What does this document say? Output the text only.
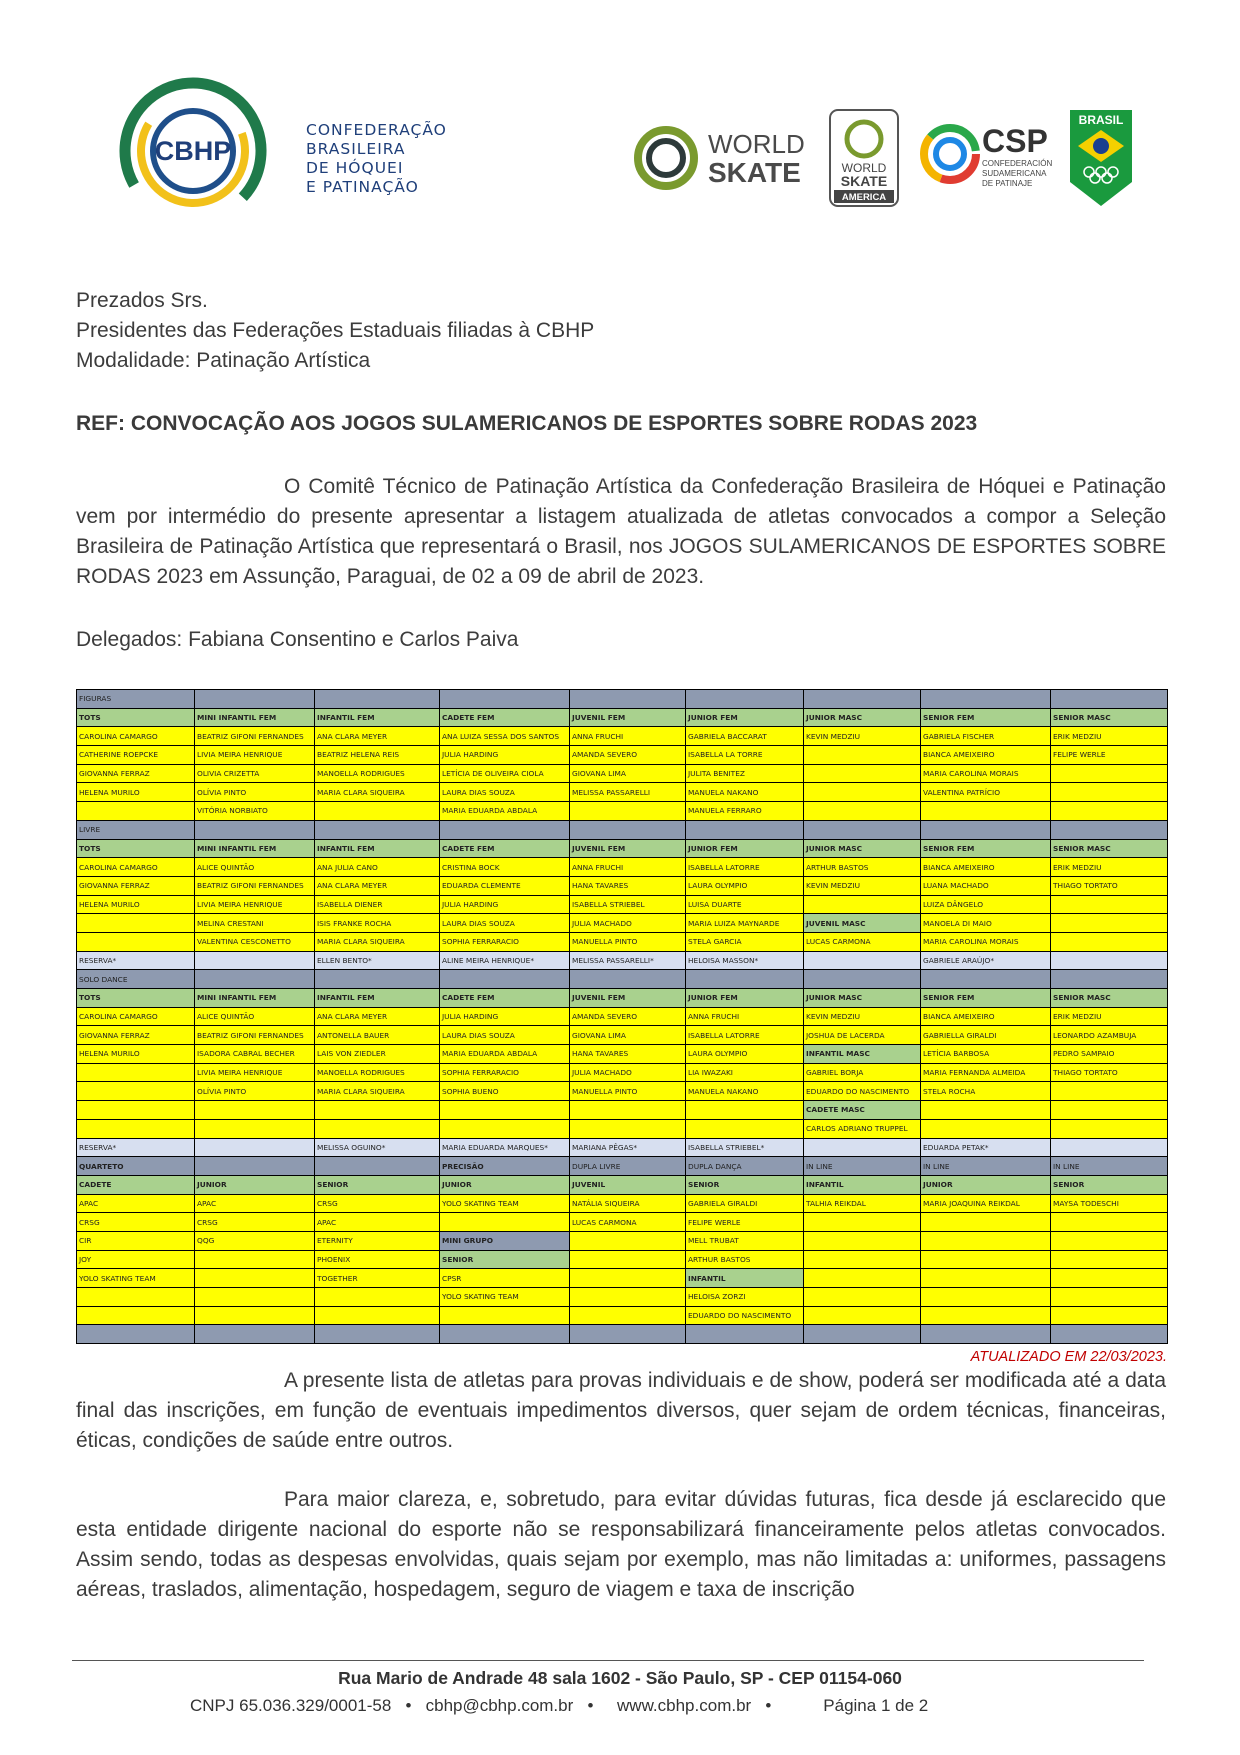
CBHP
CONFEDERAÇÃO
BRASILEIRA
DE HÓQUEI
E PATINAÇÃO
WORLD
SKATE	WORLD
SKATE
AMERICA
CSP
CONFEDERACIÓN
SUDAMERICANA
DE PATINAJE
BRASIL
Prezados Srs.
Presidentes das Federações Estaduais filiadas à CBHP
Modalidade: Patinação Artística
REF: CONVOCAÇÃO AOS JOGOS SULAMERICANOS DE ESPORTES SOBRE RODAS 2023
O Comitê Técnico de Patinação Artística da Confederação Brasileira de Hóquei e Patinação vem por intermédio do presente apresentar a listagem atualizada de atletas convocados a compor a Seleção Brasileira de Patinação Artística que representará o Brasil, nos JOGOS SULAMERICANOS DE ESPORTES SOBRE RODAS 2023 em Assunção, Paraguai, de 02 a 09 de abril de 2023.
Delegados: Fabiana Consentino e Carlos Paiva
FIGURAS								
TOTS	MINI INFANTIL FEM	INFANTIL FEM	CADETE FEM	JUVENIL FEM	JUNIOR FEM	JUNIOR MASC	SENIOR FEM	SENIOR MASC
CAROLINA CAMARGO	BEATRIZ GIFONI FERNANDES	ANA CLARA MEYER	ANA LUIZA SESSA DOS SANTOS	ANNA FRUCHI	GABRIELA BACCARAT	KEVIN MEDZIU	GABRIELA FISCHER	ERIK MEDZIU
CATHERINE ROEPCKE	LIVIA MEIRA HENRIQUE	BEATRIZ HELENA REIS	JULIA HARDING	AMANDA SEVERO	ISABELLA LA TORRE		BIANCA AMEIXEIRO	FELIPE WERLE
GIOVANNA FERRAZ	OLIVIA CRIZETTA	MANOELLA RODRIGUES	LETÍCIA DE OLIVEIRA CIOLA	GIOVANA LIMA	JULITA BENITEZ		MARIA CAROLINA MORAIS	
HELENA MURILO	OLÍVIA PINTO	MARIA CLARA SIQUEIRA	LAURA DIAS SOUZA	MELISSA PASSARELLI	MANUELA NAKANO		VALENTINA PATRÍCIO	
	VITÓRIA NORBIATO		MARIA EDUARDA ABDALA		MANUELA FERRARO			
LIVRE								
TOTS	MINI INFANTIL FEM	INFANTIL FEM	CADETE FEM	JUVENIL FEM	JUNIOR FEM	JUNIOR MASC	SENIOR FEM	SENIOR MASC
CAROLINA CAMARGO	ALICE QUINTÃO	ANA JULIA CANO	CRISTINA BOCK	ANNA FRUCHI	ISABELLA LATORRE	ARTHUR BASTOS	BIANCA AMEIXEIRO	ERIK MEDZIU
GIOVANNA FERRAZ	BEATRIZ GIFONI FERNANDES	ANA CLARA MEYER	EDUARDA CLEMENTE	HANA TAVARES	LAURA OLYMPIO	KEVIN MEDZIU	LUANA MACHADO	THIAGO TORTATO
HELENA MURILO	LIVIA MEIRA HENRIQUE	ISABELLA DIENER	JULIA HARDING	ISABELLA STRIEBEL	LUISA DUARTE		LUIZA DÂNGELO	
	MELINA CRESTANI	ISIS FRANKE ROCHA	LAURA DIAS SOUZA	JULIA MACHADO	MARIA LUIZA MAYNARDE	JUVENIL MASC	MANOELA DI MAIO	
	VALENTINA CESCONETTO	MARIA CLARA SIQUEIRA	SOPHIA FERRARACIO	MANUELLA PINTO	STELA GARCIA	LUCAS CARMONA	MARIA CAROLINA MORAIS	
RESERVA*		ELLEN BENTO*	ALINE MEIRA HENRIQUE*	MELISSA PASSARELLI*	HELOISA MASSON*		GABRIELE ARAÚJO*	
SOLO DANCE								
TOTS	MINI INFANTIL FEM	INFANTIL FEM	CADETE FEM	JUVENIL FEM	JUNIOR FEM	JUNIOR MASC	SENIOR FEM	SENIOR MASC
CAROLINA CAMARGO	ALICE QUINTÃO	ANA CLARA MEYER	JULIA HARDING	AMANDA SEVERO	ANNA FRUCHI	KEVIN MEDZIU	BIANCA AMEIXEIRO	ERIK MEDZIU
GIOVANNA FERRAZ	BEATRIZ GIFONI FERNANDES	ANTONELLA BAUER	LAURA DIAS SOUZA	GIOVANA LIMA	ISABELLA LATORRE	JOSHUA DE LACERDA	GABRIELLA GIRALDI	LEONARDO AZAMBUJA
HELENA MURILO	ISADORA CABRAL BECHER	LAIS VON ZIEDLER	MARIA EDUARDA ABDALA	HANA TAVARES	LAURA OLYMPIO	INFANTIL MASC	LETÍCIA BARBOSA	PEDRO SAMPAIO
	LIVIA MEIRA HENRIQUE	MANOELLA RODRIGUES	SOPHIA FERRARACIO	JULIA MACHADO	LIA IWAZAKI	GABRIEL BORJA	MARIA FERNANDA ALMEIDA	THIAGO TORTATO
	OLÍVIA PINTO	MARIA CLARA SIQUEIRA	SOPHIA BUENO	MANUELLA PINTO	MANUELA NAKANO	EDUARDO DO NASCIMENTO	STELA ROCHA	
						CADETE MASC		
						CARLOS ADRIANO TRUPPEL		
RESERVA*		MELISSA OGUINO*	MARIA EDUARDA MARQUES*	MARIANA PÊGAS*	ISABELLA STRIEBEL*		EDUARDA PETAK*	
QUARTETO			PRECISÃO	DUPLA LIVRE	DUPLA DANÇA	IN LINE	IN LINE	IN LINE
CADETE	JUNIOR	SENIOR	JUNIOR	JUVENIL	SENIOR	INFANTIL	JUNIOR	SENIOR
APAC	APAC	CRSG	YOLO SKATING TEAM	NATÁLIA SIQUEIRA	GABRIELA GIRALDI	TALHIA REIKDAL	MARIA JOAQUINA REIKDAL	MAYSA TODESCHI
CRSG	CRSG	APAC		LUCAS CARMONA	FELIPE WERLE			
CIR	QQG	ETERNITY	MINI GRUPO		MELL TRUBAT			
JOY		PHOENIX	SENIOR		ARTHUR BASTOS			
YOLO SKATING TEAM		TOGETHER	CPSR		INFANTIL			
			YOLO SKATING TEAM		HELOISA ZORZI			
					EDUARDO DO NASCIMENTO			

ATUALIZADO EM 22/03/2023.
A presente lista de atletas para provas individuais e de show, poderá ser modificada até a data final das inscrições, em função de eventuais impedimentos diversos, quer sejam de ordem técnicas, financeiras, éticas, condições de saúde entre outros.
Para maior clareza, e, sobretudo, para evitar dúvidas futuras, fica desde já esclarecido que esta entidade dirigente nacional do esporte não se responsabilizará financeiramente pelos atletas convocados. Assim sendo, todas as despesas envolvidas, quais sejam por exemplo, mas não limitadas a: uniformes, passagens aéreas, traslados, alimentação, hospedagem, seguro de viagem e taxa de inscrição
Rua Mario de Andrade 48 sala 1602 - São Paulo, SP - CEP 01154-060
CNPJ 65.036.329/0001-58   •   cbhp@cbhp.com.br   •     www.cbhp.com.br   •           Página 1 de 2
